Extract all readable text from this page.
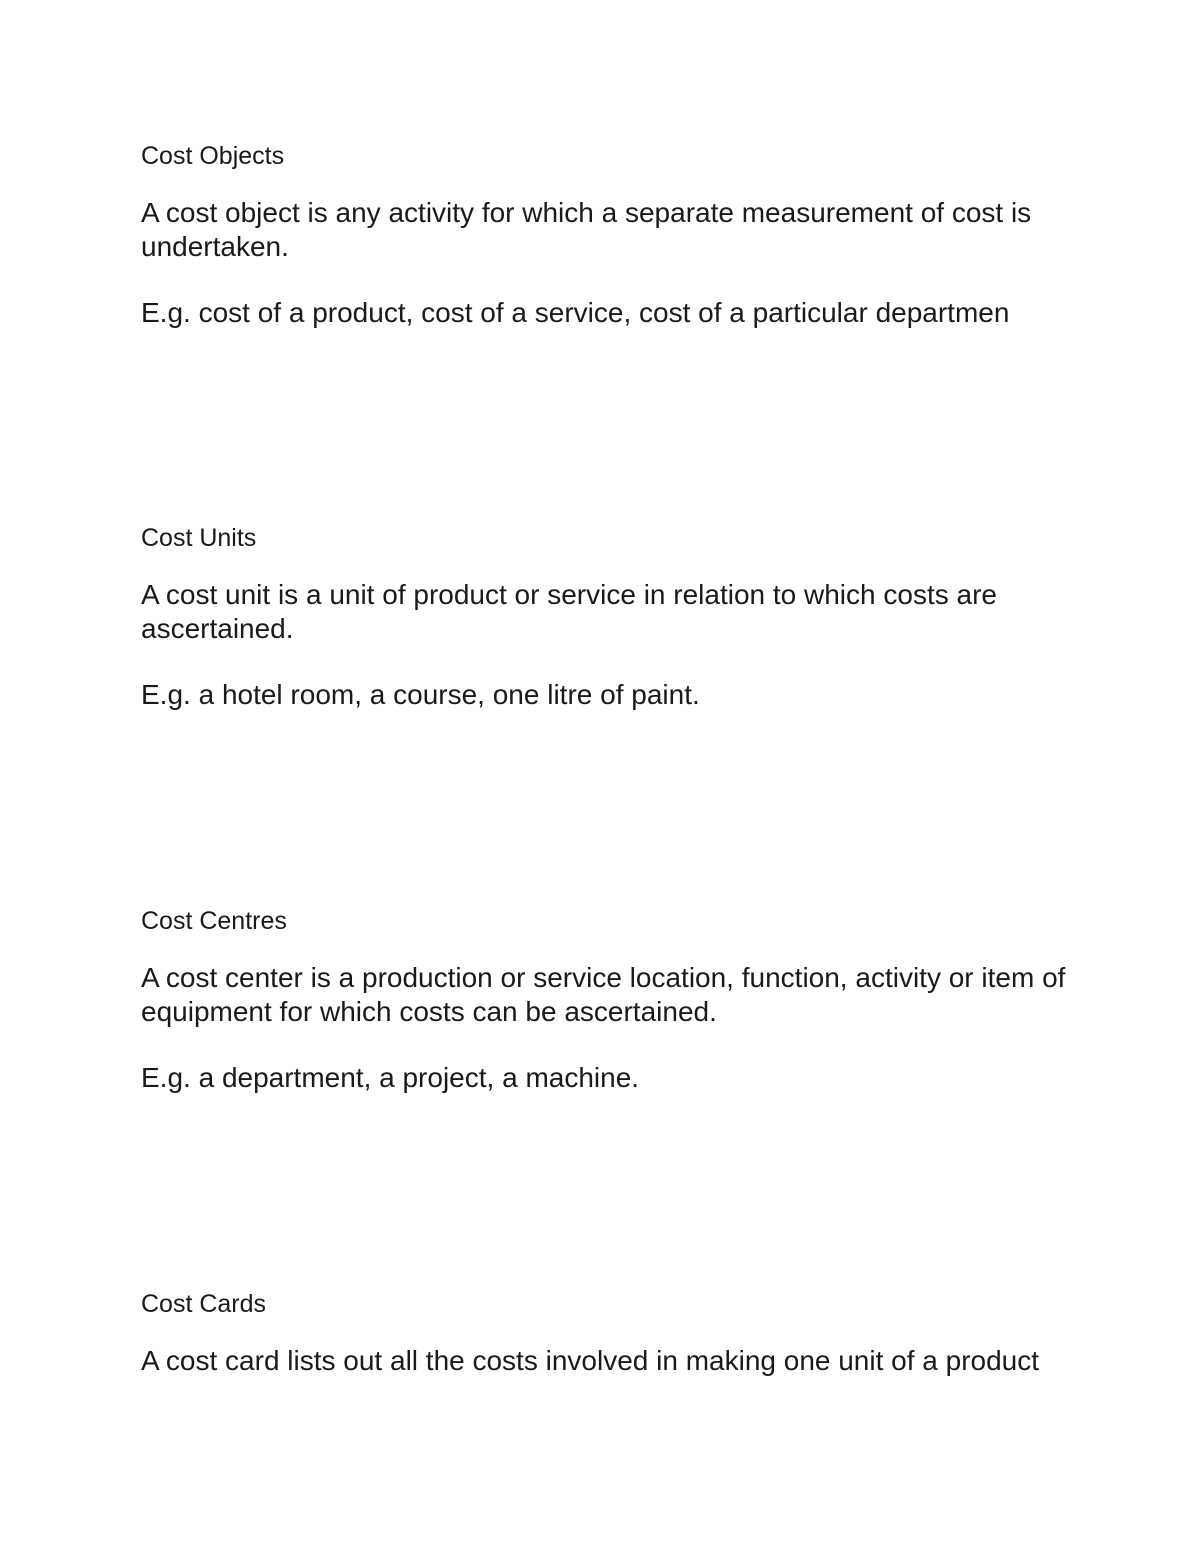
Cost Objects

A cost object is any activity for which a separate measurement of cost is undertaken.

E.g. cost of a product, cost of a service, cost of a particular departmen

Cost Units

A cost unit is a unit of product or service in relation to which costs are ascertained.

E.g. a hotel room, a course, one litre of paint.

Cost Centres

A cost center is a production or service location, function, activity or item of equipment for which costs can be ascertained.

E.g. a department, a project, a machine.

Cost Cards

A cost card lists out all the costs involved in making one unit of a product
